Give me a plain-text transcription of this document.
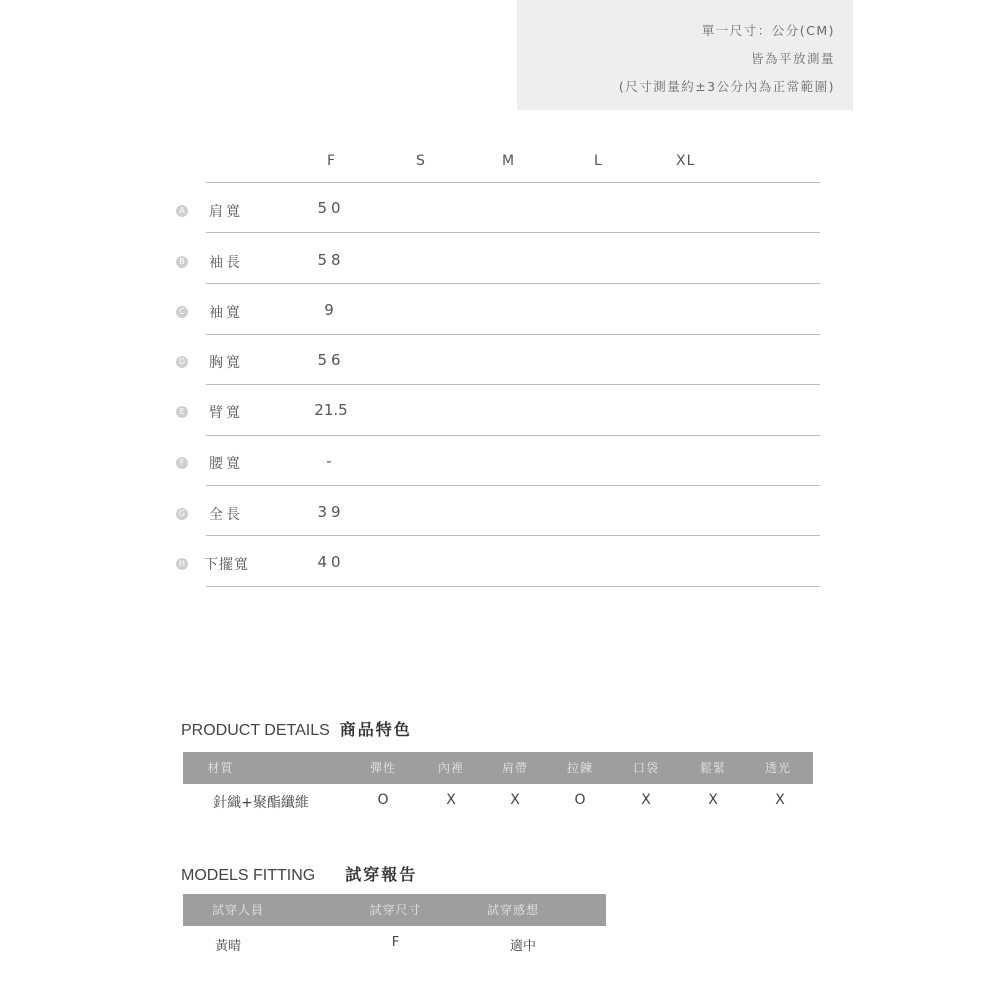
單一尺寸：公分(CM)
皆為平放測量
(尺寸測量約±3公分內為正常範圍)
F	S	M	L	XL
A 肩寬	50
B 袖長	58
C 袖寬	9
D 胸寬	56
E 臂寬	21.5
F 腰寬	-
G 全長	39
H 下擺寬	40
PRODUCT DETAILS 商品特色
材質	彈性	內裡	肩帶	拉鍊	口袋	鬆緊	透光
針織+聚酯纖維	O	X	X	O	X	X	X
MODELS FITTING 試穿報告
試穿人員	試穿尺寸	試穿感想
黃晴	F	適中
